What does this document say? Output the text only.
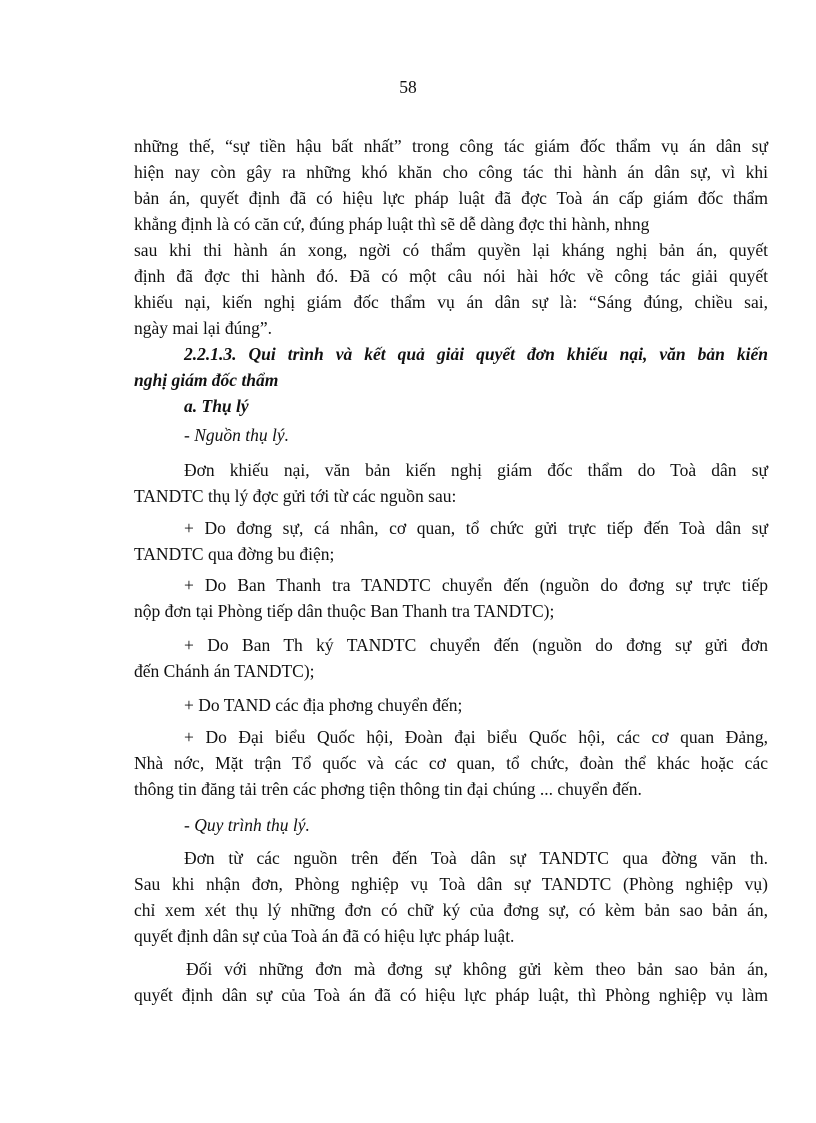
58
những thế, “sự tiền hậu bất nhất” trong công tác giám đốc thẩm vụ án dân sự
hiện nay còn gây ra những khó khăn cho công tác thi hành án dân sự, vì khi
bản án, quyết định đã có hiệu lực pháp luật đã đợc Toà án cấp giám đốc thẩm
khẳng định là có căn cứ, đúng pháp luật thì sẽ dễ dàng đợc thi hành, nhng
sau khi thi hành án xong, ngời có thẩm quyền lại kháng nghị bản án, quyết
định đã đợc thi hành đó. Đã có một câu nói hài hớc về công tác giải quyết
khiếu nại, kiến nghị giám đốc thẩm vụ án dân sự là: “Sáng đúng, chiều sai,
ngày mai lại đúng”.
2.2.1.3. Qui trình và kết quả giải quyết đơn khiếu nại, văn bản kiến
nghị giám đốc thẩm
a. Thụ lý
- Nguồn thụ lý.
Đơn khiếu nại, văn bản kiến nghị giám đốc thẩm do Toà dân sự
TANDTC thụ lý đợc gửi tới từ các nguồn sau:
+ Do đơng sự, cá nhân, cơ quan, tổ chức gửi trực tiếp đến Toà dân sự
TANDTC qua đờng bu điện;
+ Do Ban Thanh tra TANDTC chuyển đến (nguồn do đơng sự trực tiếp
nộp đơn tại Phòng tiếp dân thuộc Ban Thanh tra TANDTC);
+ Do Ban Th ký TANDTC chuyển đến (nguồn do đơng sự gửi đơn
đến Chánh án TANDTC);
+ Do TAND các địa phơng chuyển đến;
+ Do Đại biểu Quốc hội, Đoàn đại biểu Quốc hội, các cơ quan Đảng,
Nhà nớc, Mặt trận Tổ quốc và các cơ quan, tổ chức, đoàn thể khác hoặc các
thông tin đăng tải trên các phơng tiện thông tin đại chúng ... chuyển đến.
- Quy trình thụ lý.
Đơn từ các nguồn trên đến Toà dân sự TANDTC qua đờng văn th.
Sau khi nhận đơn, Phòng nghiệp vụ Toà dân sự TANDTC (Phòng nghiệp vụ)
chỉ xem xét thụ lý những đơn có chữ ký của đơng sự, có kèm bản sao bản án,
quyết định dân sự của Toà án đã có hiệu lực pháp luật.
Đối với những đơn mà đơng sự không gửi kèm theo bản sao bản án,
quyết định dân sự của Toà án đã có hiệu lực pháp luật, thì Phòng nghiệp vụ làm
